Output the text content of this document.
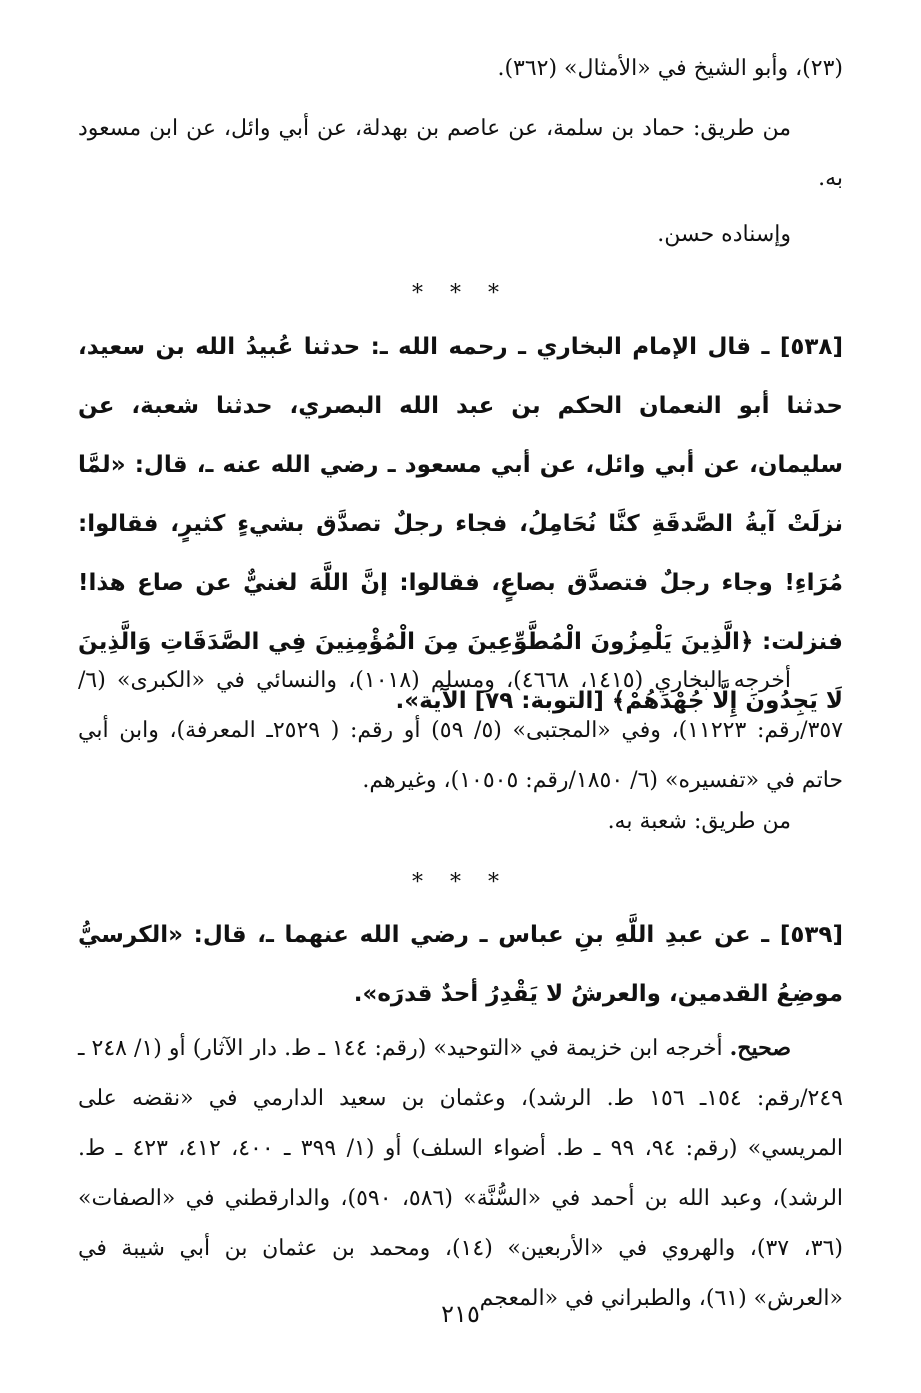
(٢٣)، وأبو الشيخ في «الأمثال» (٣٦٢).

من طريق: حماد بن سلمة، عن عاصم بن بهدلة، عن أبي وائل، عن ابن مسعود به.

وإسناده حسن.

* * *

[٥٣٨] ـ قال الإمام البخاري ـ رحمه الله ـ: حدثنا عُبيدُ الله بن سعيد، حدثنا أبو النعمان الحكم بن عبد الله البصري، حدثنا شعبة، عن سليمان، عن أبي وائل، عن أبي مسعود ـ رضي الله عنه ـ، قال: «لمَّا نزلَتْ آيةُ الصَّدقَةِ كنَّا نُحَامِلُ، فجاء رجلٌ تصدَّق بشيءٍ كثيرٍ، فقالوا: مُرَاءِ! وجاء رجلٌ فتصدَّق بصاعٍ، فقالوا: إنَّ اللَّهَ لغنيٌّ عن صاع هذا! فنزلت: ﴿الَّذِينَ يَلْمِزُونَ الْمُطَّوِّعِينَ مِنَ الْمُؤْمِنِينَ فِي الصَّدَقَاتِ وَالَّذِينَ لَا يَجِدُونَ إِلَّا جُهْدَهُمْ﴾ [التوبة: ٧٩] الآية».

أخرجه البخاري (١٤١٥، ٤٦٦٨)، ومسلم (١٠١٨)، والنسائي في «الكبرى» (٦/ ٣٥٧/رقم: ١١٢٢٣)، وفي «المجتبى» (٥/ ٥٩) أو رقم: ( ٢٥٢٩ـ المعرفة)، وابن أبي حاتم في «تفسيره» (٦/ ١٨٥٠/رقم: ١٠٥٠٥)، وغيرهم.

من طريق: شعبة به.

* * *

[٥٣٩] ـ عن عبدِ اللَّهِ بنِ عباس ـ رضي الله عنهما ـ، قال: «الكرسيُّ موضِعُ القدمين، والعرشُ لا يَقْدِرُ أحدٌ قدرَه».

صحيح. أخرجه ابن خزيمة في «التوحيد» (رقم: ١٤٤ ـ ط. دار الآثار) أو (١/ ٢٤٨ ـ ٢٤٩/رقم: ١٥٤ـ ١٥٦ ط. الرشد)، وعثمان بن سعيد الدارمي في «نقضه على المريسي» (رقم: ٩٤، ٩٩ ـ ط. أضواء السلف) أو (١/ ٣٩٩ ـ ٤٠٠، ٤١٢، ٤٢٣ ـ ط. الرشد)، وعبد الله بن أحمد في «السُّنَّة» (٥٨٦، ٥٩٠)، والدارقطني في «الصفات» (٣٦، ٣٧)، والهروي في «الأربعين» (١٤)، ومحمد بن عثمان بن أبي شيبة في «العرش» (٦١)، والطبراني في «المعجم

٢١٥
